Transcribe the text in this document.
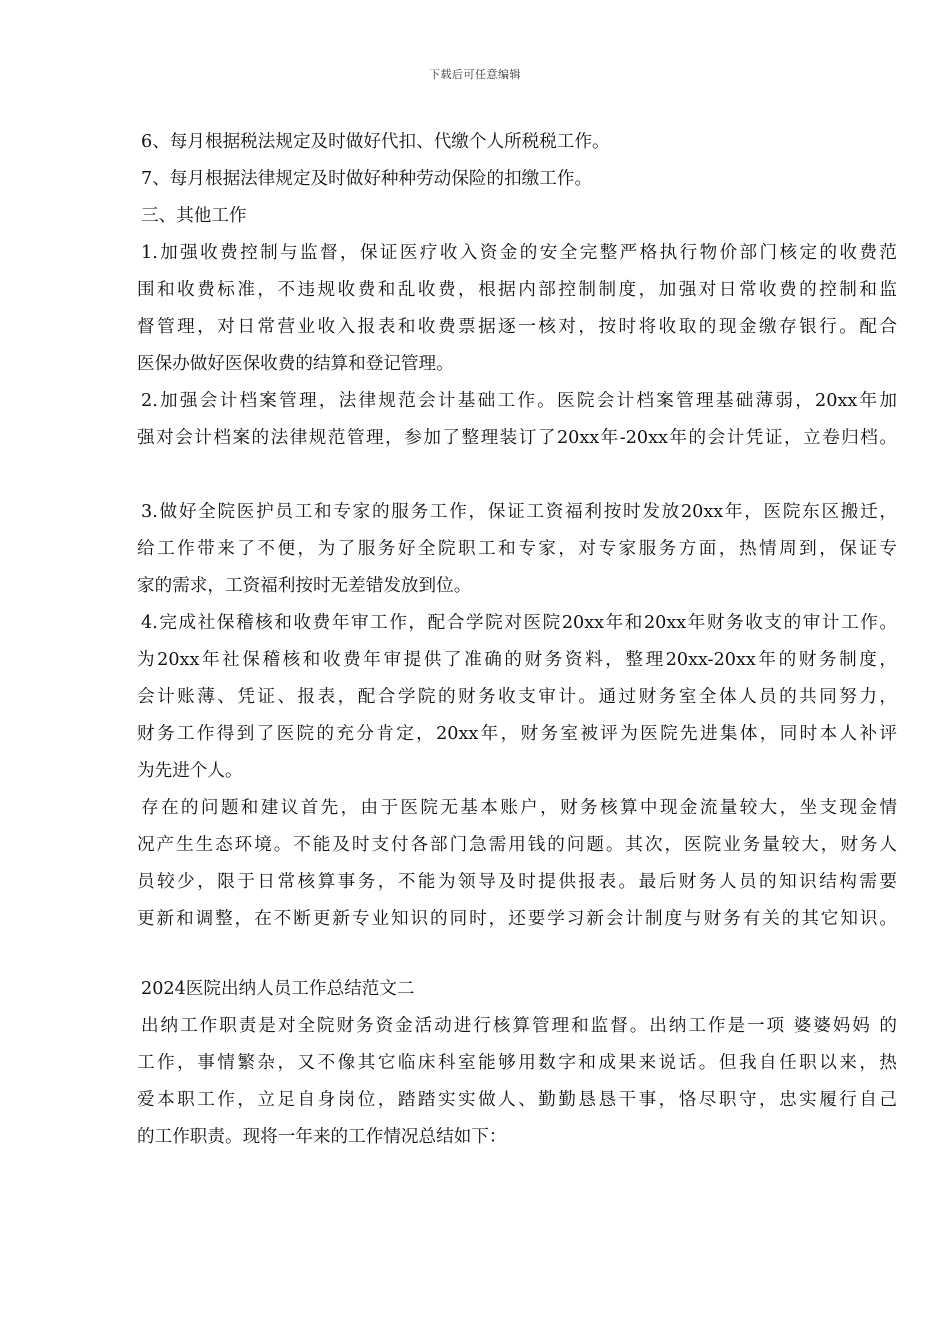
下载后可任意编辑
6、每月根据税法规定及时做好代扣、代缴个人所税税工作。
7、每月根据法律规定及时做好种种劳动保险的扣缴工作。
三、其他工作
1.加强收费控制与监督，保证医疗收入资金的安全完整严格执行物价部门核定的收费范
围和收费标准，不违规收费和乱收费，根据内部控制制度，加强对日常收费的控制和监
督管理，对日常营业收入报表和收费票据逐一核对，按时将收取的现金缴存银行。配合
医保办做好医保收费的结算和登记管理。
2.加强会计档案管理，法律规范会计基础工作。医院会计档案管理基础薄弱，20xx年加
强对会计档案的法律规范管理，参加了整理装订了20xx年-20xx年的会计凭证，立卷归档。
3.做好全院医护员工和专家的服务工作，保证工资福利按时发放20xx年，医院东区搬迁，
给工作带来了不便，为了服务好全院职工和专家，对专家服务方面，热情周到，保证专
家的需求，工资福利按时无差错发放到位。
4.完成社保稽核和收费年审工作，配合学院对医院20xx年和20xx年财务收支的审计工作。
为20xx年社保稽核和收费年审提供了准确的财务资料，整理20xx-20xx年的财务制度，
会计账薄、凭证、报表，配合学院的财务收支审计。通过财务室全体人员的共同努力，
财务工作得到了医院的充分肯定，20xx年，财务室被评为医院先进集体，同时本人补评
为先进个人。
存在的问题和建议首先，由于医院无基本账户，财务核算中现金流量较大，坐支现金情
况产生生态环境。不能及时支付各部门急需用钱的问题。其次，医院业务量较大，财务人
员较少，限于日常核算事务，不能为领导及时提供报表。最后财务人员的知识结构需要
更新和调整，在不断更新专业知识的同时，还要学习新会计制度与财务有关的其它知识。
2024医院出纳人员工作总结范文二
出纳工作职责是对全院财务资金活动进行核算管理和监督。出纳工作是一项 婆婆妈妈 的
工作，事情繁杂，又不像其它临床科室能够用数字和成果来说话。但我自任职以来，热
爱本职工作，立足自身岗位，踏踏实实做人、勤勤恳恳干事，恪尽职守，忠实履行自己
的工作职责。现将一年来的工作情况总结如下：
